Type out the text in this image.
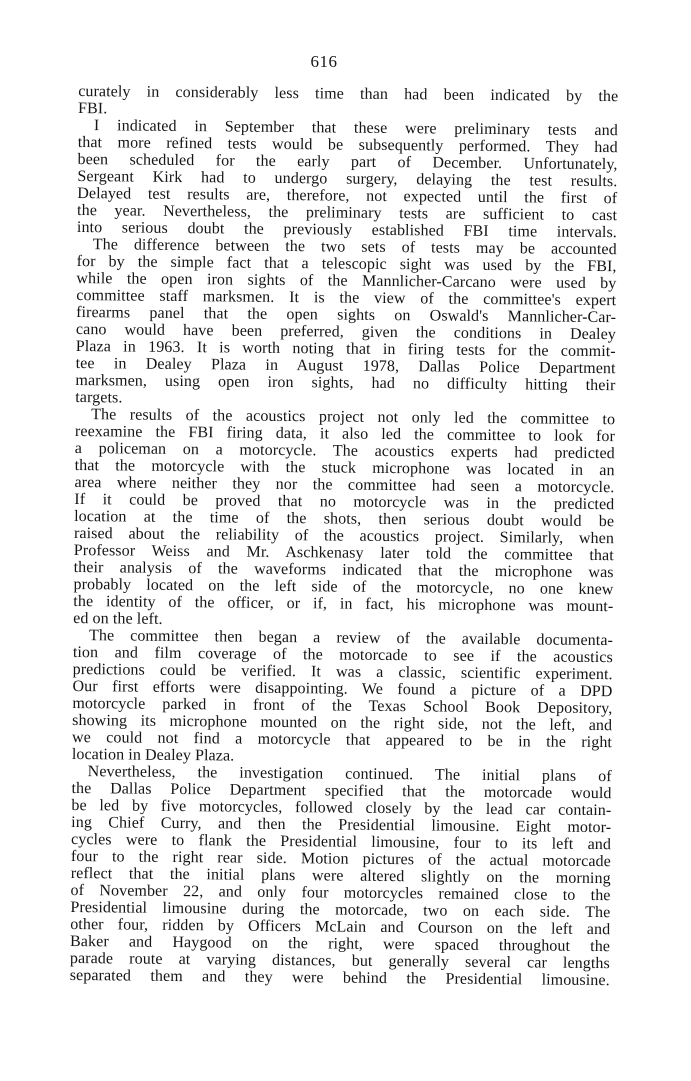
616
curately in considerably less time than had been indicated by the
FBI.
I indicated in September that these were preliminary tests and
that more refined tests would be subsequently performed. They had
been scheduled for the early part of December. Unfortunately,
Sergeant Kirk had to undergo surgery, delaying the test results.
Delayed test results are, therefore, not expected until the first of
the year. Nevertheless, the preliminary tests are sufficient to cast
into serious doubt the previously established FBI time intervals.
The difference between the two sets of tests may be accounted
for by the simple fact that a telescopic sight was used by the FBI,
while the open iron sights of the Mannlicher-Carcano were used by
committee staff marksmen. It is the view of the committee's expert
firearms panel that the open sights on Oswald's Mannlicher-Car-
cano would have been preferred, given the conditions in Dealey
Plaza in 1963. It is worth noting that in firing tests for the commit-
tee in Dealey Plaza in August 1978, Dallas Police Department
marksmen, using open iron sights, had no difficulty hitting their
targets.
The results of the acoustics project not only led the committee to
reexamine the FBI firing data, it also led the committee to look for
a policeman on a motorcycle. The acoustics experts had predicted
that the motorcycle with the stuck microphone was located in an
area where neither they nor the committee had seen a motorcycle.
If it could be proved that no motorcycle was in the predicted
location at the time of the shots, then serious doubt would be
raised about the reliability of the acoustics project. Similarly, when
Professor Weiss and Mr. Aschkenasy later told the committee that
their analysis of the waveforms indicated that the microphone was
probably located on the left side of the motorcycle, no one knew
the identity of the officer, or if, in fact, his microphone was mount-
ed on the left.
The committee then began a review of the available documenta-
tion and film coverage of the motorcade to see if the acoustics
predictions could be verified. It was a classic, scientific experiment.
Our first efforts were disappointing. We found a picture of a DPD
motorcycle parked in front of the Texas School Book Depository,
showing its microphone mounted on the right side, not the left, and
we could not find a motorcycle that appeared to be in the right
location in Dealey Plaza.
Nevertheless, the investigation continued. The initial plans of
the Dallas Police Department specified that the motorcade would
be led by five motorcycles, followed closely by the lead car contain-
ing Chief Curry, and then the Presidential limousine. Eight motor-
cycles were to flank the Presidential limousine, four to its left and
four to the right rear side. Motion pictures of the actual motorcade
reflect that the initial plans were altered slightly on the morning
of November 22, and only four motorcycles remained close to the
Presidential limousine during the motorcade, two on each side. The
other four, ridden by Officers McLain and Courson on the left and
Baker and Haygood on the right, were spaced throughout the
parade route at varying distances, but generally several car lengths
separated them and they were behind the Presidential limousine.
